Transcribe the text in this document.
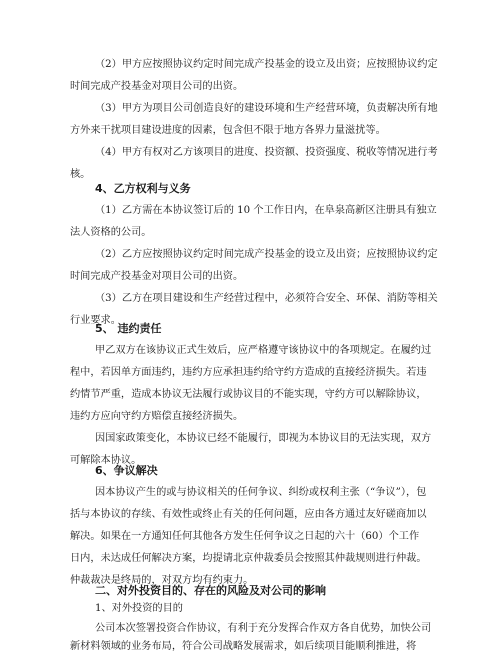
（2）甲方应按照协议约定时间完成产投基金的设立及出资；应按照协议约定
时间完成产投基金对项目公司的出资。
（3）甲方为项目公司创造良好的建设环境和生产经营环境，负责解决所有地
方外来干扰项目建设进度的因素，包含但不限于地方各界力量滋扰等。
（4）甲方有权对乙方该项目的进度、投资额、投资强度、税收等情况进行考
核。
4、乙方权利与义务
（1）乙方需在本协议签订后的 10 个工作日内，在阜泉高新区注册具有独立
法人资格的公司。
（2）乙方应按照协议约定时间完成产投基金的设立及出资；应按照协议约定
时间完成产投基金对项目公司的出资。
（3）乙方在项目建设和生产经营过程中，必须符合安全、环保、消防等相关
行业要求。
5、 违约责任
甲乙双方在该协议正式生效后，应严格遵守该协议中的各项规定。在履约过
程中，若因单方面违约，违约方应承担违约给守约方造成的直接经济损失。若违
约情节严重，造成本协议无法履行或协议目的不能实现，守约方可以解除协议，
违约方应向守约方赔偿直接经济损失。
因国家政策变化，本协议已经不能履行，即视为本协议目的无法实现，双方
可解除本协议。
6、争议解决
因本协议产生的或与协议相关的任何争议、纠纷或权利主张（“争议”），包
括与本协议的存续、有效性或终止有关的任何问题，应由各方通过友好磋商加以
解决。如果在一方通知任何其他各方发生任何争议之日起的六十（60）个工作
日内，未达成任何解决方案，均提请北京仲裁委员会按照其仲裁规则进行仲裁。
仲裁裁决是终局的，对双方均有约束力。
二、对外投资目的、存在的风险及对公司的影响
1、对外投资的目的
公司本次签署投资合作协议，有利于充分发挥合作双方各自优势，加快公司
新材料领域的业务布局，符合公司战略发展需求，如后续项目能顺利推进，将
